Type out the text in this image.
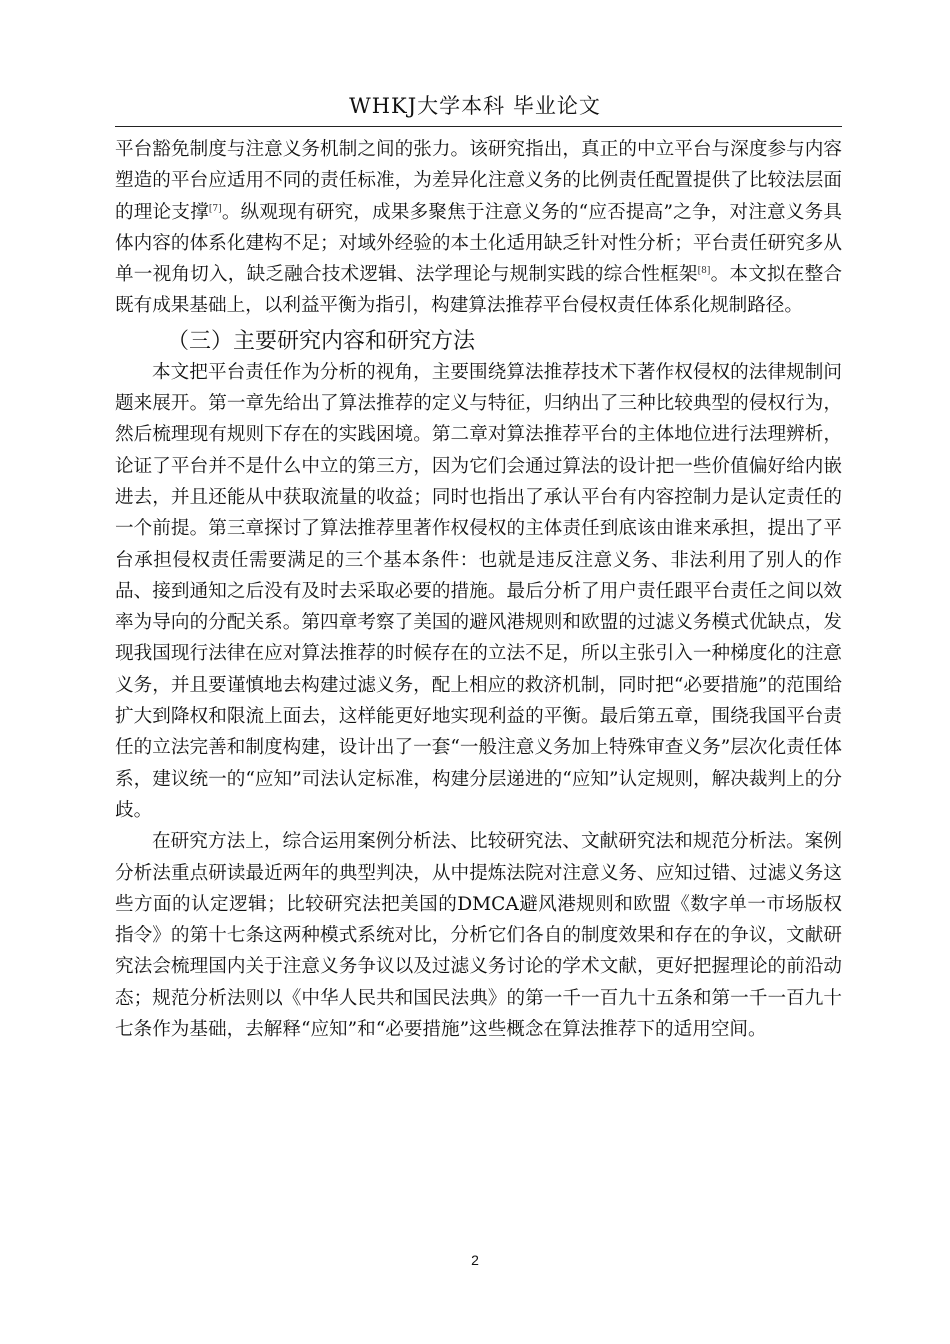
WHKJ大学本科 毕业论文

平台豁免制度与注意义务机制之间的张力。该研究指出，真正的中立平台与深度参与内容塑造的平台应适用不同的责任标准，为差异化注意义务的比例责任配置提供了比较法层面的理论支撑[7]。纵观现有研究，成果多聚焦于注意义务的“应否提高”之争，对注意义务具体内容的体系化建构不足；对域外经验的本土化适用缺乏针对性分析；平台责任研究多从单一视角切入，缺乏融合技术逻辑、法学理论与规制实践的综合性框架[8]。本文拟在整合既有成果基础上，以利益平衡为指引，构建算法推荐平台侵权责任体系化规制路径。

（三）主要研究内容和研究方法

本文把平台责任作为分析的视角，主要围绕算法推荐技术下著作权侵权的法律规制问题来展开。第一章先给出了算法推荐的定义与特征，归纳出了三种比较典型的侵权行为，然后梳理现有规则下存在的实践困境。第二章对算法推荐平台的主体地位进行法理辨析，论证了平台并不是什么中立的第三方，因为它们会通过算法的设计把一些价值偏好给内嵌进去，并且还能从中获取流量的收益；同时也指出了承认平台有内容控制力是认定责任的一个前提。第三章探讨了算法推荐里著作权侵权的主体责任到底该由谁来承担，提出了平台承担侵权责任需要满足的三个基本条件：也就是违反注意义务、非法利用了别人的作品、接到通知之后没有及时去采取必要的措施。最后分析了用户责任跟平台责任之间以效率为导向的分配关系。第四章考察了美国的避风港规则和欧盟的过滤义务模式优缺点，发现我国现行法律在应对算法推荐的时候存在的立法不足，所以主张引入一种梯度化的注意义务，并且要谨慎地去构建过滤义务，配上相应的救济机制，同时把“必要措施”的范围给扩大到降权和限流上面去，这样能更好地实现利益的平衡。最后第五章，围绕我国平台责任的立法完善和制度构建，设计出了一套“一般注意义务加上特殊审查义务”层次化责任体系，建议统一的“应知”司法认定标准，构建分层递进的“应知”认定规则，解决裁判上的分歧。

在研究方法上，综合运用案例分析法、比较研究法、文献研究法和规范分析法。案例分析法重点研读最近两年的典型判决，从中提炼法院对注意义务、应知过错、过滤义务这些方面的认定逻辑；比较研究法把美国的DMCA避风港规则和欧盟《数字单一市场版权指令》的第十七条这两种模式系统对比，分析它们各自的制度效果和存在的争议，文献研究法会梳理国内关于注意义务争议以及过滤义务讨论的学术文献，更好把握理论的前沿动态；规范分析法则以《中华人民共和国民法典》的第一千一百九十五条和第一千一百九十七条作为基础，去解释“应知”和“必要措施”这些概念在算法推荐下的适用空间。

2
